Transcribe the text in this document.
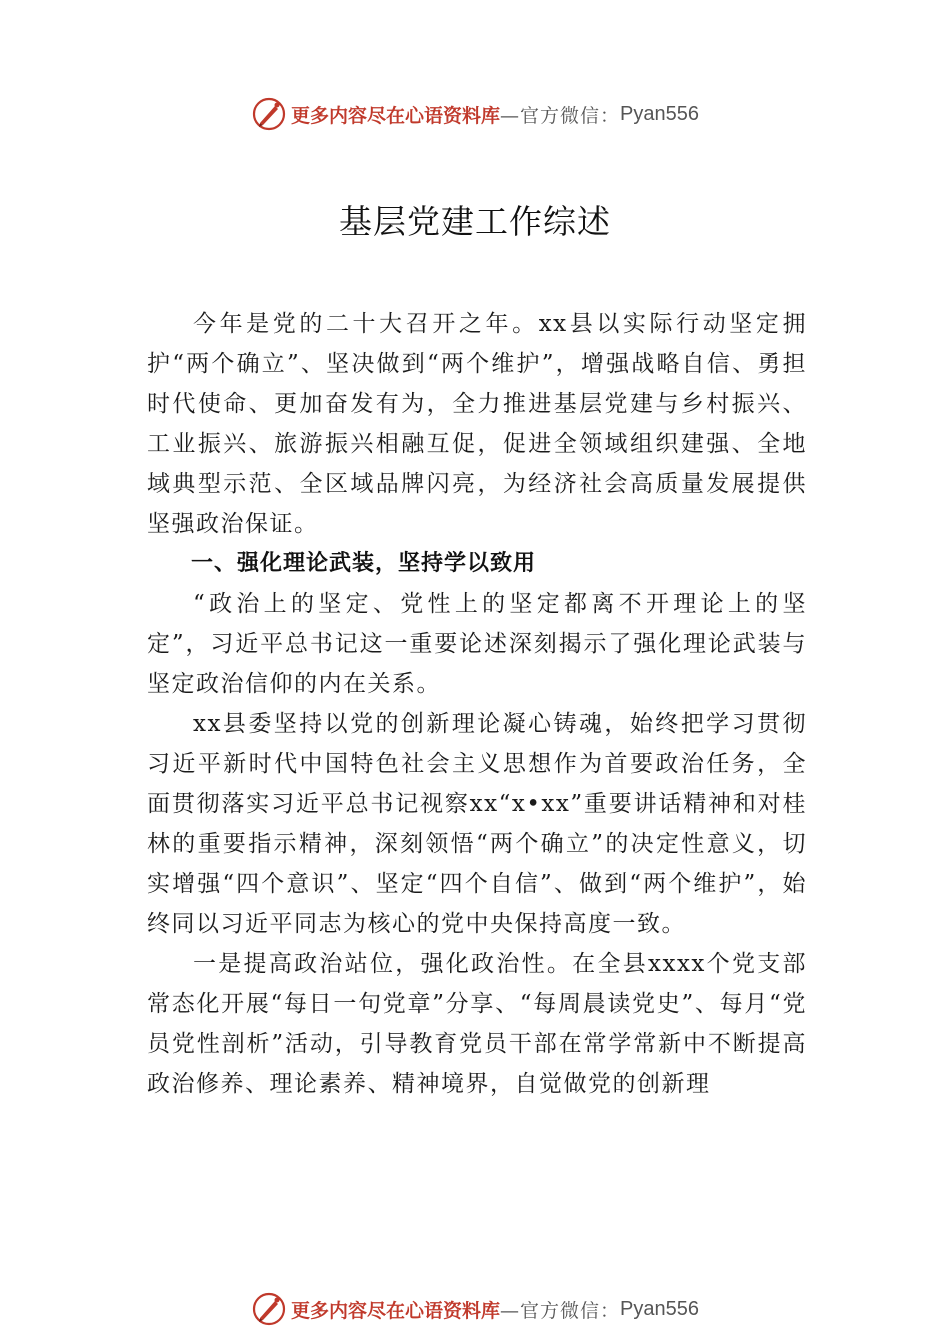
更多内容尽在心语资料库 —官方微信： Pyan556
基层党建工作综述

今年是党的二十大召开之年。xx县以实际行动坚定拥护“两个确立”、坚决做到“两个维护”，增强战略自信、勇担时代使命、更加奋发有为，全力推进基层党建与乡村振兴、工业振兴、旅游振兴相融互促，促进全领域组织建强、全地域典型示范、全区域品牌闪亮，为经济社会高质量发展提供坚强政治保证。

一、强化理论武装，坚持学以致用

“政治上的坚定、党性上的坚定都离不开理论上的坚定”，习近平总书记这一重要论述深刻揭示了强化理论武装与坚定政治信仰的内在关系。

xx县委坚持以党的创新理论凝心铸魂，始终把学习贯彻习近平新时代中国特色社会主义思想作为首要政治任务，全面贯彻落实习近平总书记视察xx“x•xx”重要讲话精神和对桂林的重要指示精神，深刻领悟“两个确立”的决定性意义，切实增强“四个意识”、坚定“四个自信”、做到“两个维护”，始终同以习近平同志为核心的党中央保持高度一致。

一是提高政治站位，强化政治性。在全县xxxx个党支部常态化开展“每日一句党章”分享、“每周晨读党史”、每月“党员党性剖析”活动，引导教育党员干部在常学常新中不断提高政治修养、理论素养、精神境界，自觉做党的创新理

更多内容尽在心语资料库 —官方微信： Pyan556
